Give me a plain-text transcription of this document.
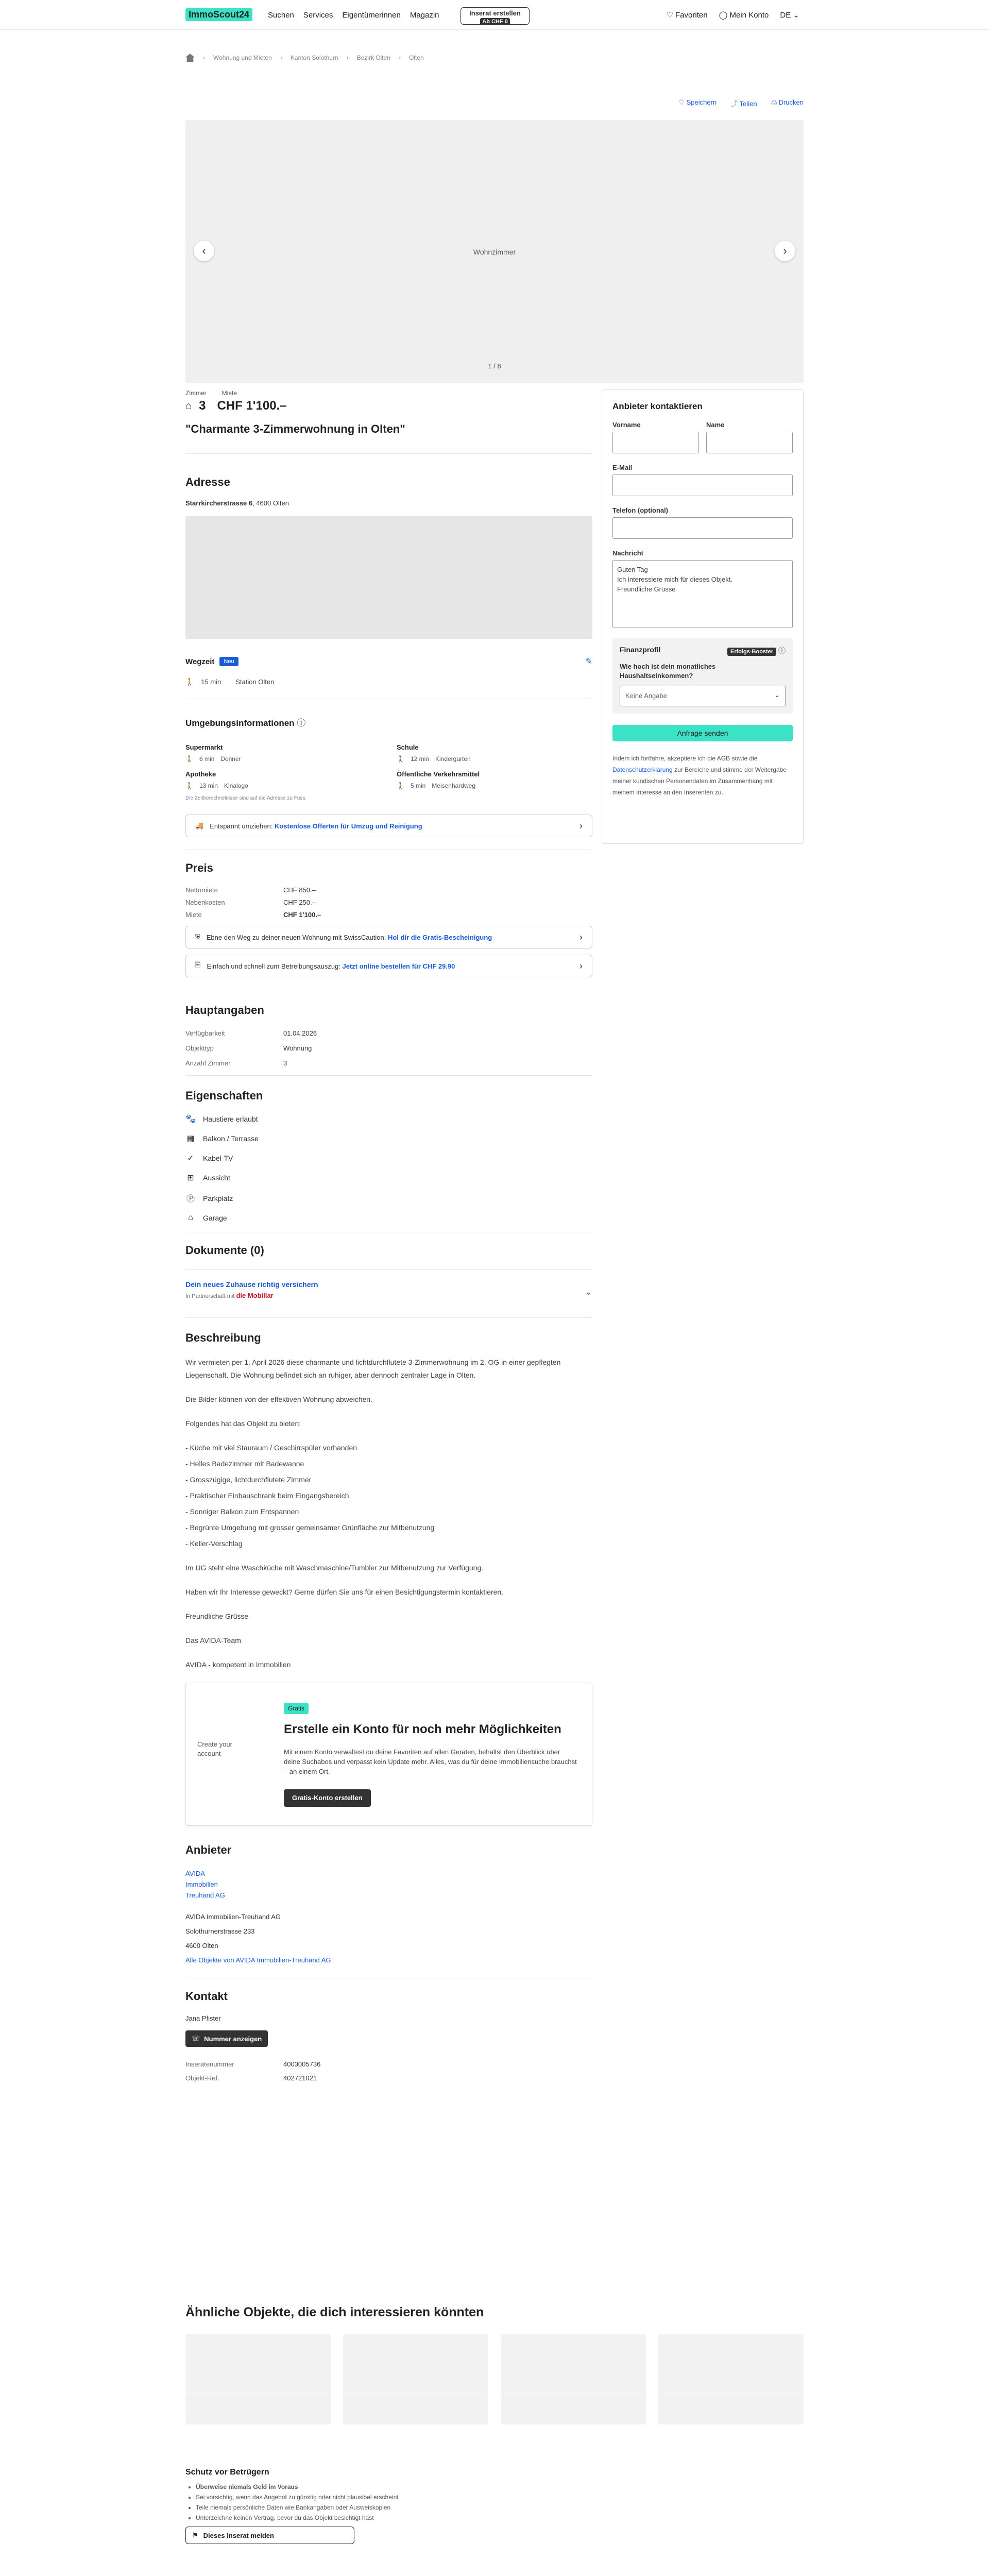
ImmoScout24	Suchen Services Eigentümerinnen Magazin	Inserat erstellen
Ab CHF 0
♡ Favoriten ◯ Mein Konto DE ⌄
› Wohnung und Mieten › Kanton Solothurn › Bezirk Olten › Olten
♡ Speichern ⤴ Teilen ⎙ Drucken
Wohnzimmer
‹	›
1 / 8
Zimmer	Miete
⌂ 3 CHF 1'100.–
"Charmante 3-Zimmerwohnung in Olten"
Adresse
Starrkircherstrasse 6, 4600 Olten
Wegzeit	Neu	✎
🚶 15 min Station Olten
Umgebungsinformationen ⓘ
Supermarkt
🚶 6 min Denner
Schule
🚶 12 min Kindergarten
Apotheke
🚶 13 min Kinalogo
Öffentliche Verkehrsmittel
🚶 5 min Meisenhardweg
Die Zeitberechnelnisse sind auf die Adresse zu Fuss.
🚚 Entspannt umziehen: Kostenlose Offerten für Umzug und Reinigung	›
Preis
Nettomiete	CHF 850.–
Nebenkosten	CHF 250.–
Miete	CHF 1'100.–
⛨ Ebne den Weg zu deiner neuen Wohnung mit SwissCaution: Hol dir die Gratis-Bescheinigung	›
🗎 Einfach und schnell zum Betreibungsauszug: Jetzt online bestellen für CHF 29.90	›
Hauptangaben
Verfügbarkeit	01.04.2026
Objekttyp	Wohnung
Anzahl Zimmer	3
Eigenschaften
🐾 Haustiere erlaubt
▦ Balkon / Terrasse
✓ Kabel-TV
⊞ Aussicht
Ⓟ Parkplatz
⌂	Garage
Dokumente (0)
Dein neues Zuhause richtig versichern
In Partnerschaft mit die Mobiliar	⌄
Beschreibung

Wir vermieten per 1. April 2026 diese charmante und lichtdurchflutete 3-Zimmerwohnung im 2. OG in einer gepflegten Liegenschaft. Die Wohnung befindet sich an ruhiger, aber dennoch zentraler Lage in Olten.

Die Bilder können von der effektiven Wohnung abweichen.

Folgendes hat das Objekt zu bieten:

- Küche mit viel Stauraum / Geschirrspüler vorhanden

- Helles Badezimmer mit Badewanne

- Grosszügige, lichtdurchflutete Zimmer

- Praktischer Einbauschrank beim Eingangsbereich

- Sonniger Balkon zum Entspannen

- Begrünte Umgebung mit grosser gemeinsamer Grünfläche zur Mitbenutzung

- Keller-Verschlag

Im UG steht eine Waschküche mit Waschmaschine/Tumbler zur Mitbenutzung zur Verfügung.

Haben wir Ihr Interesse geweckt? Gerne dürfen Sie uns für einen Besichtigungstermin kontaktieren.

Freundliche Grüsse

Das AVIDA-Team

AVIDA - kompetent in Immobilien

Create your account
Gratis
Erstelle ein Konto für noch mehr Möglichkeiten
Mit einem Konto verwaltest du deine Favoriten auf allen Geräten, behältst den Überblick über deine Suchabos und verpasst kein Update mehr. Alles, was du für deine Immobiliensuche brauchst – an einem Ort.
Gratis-Konto erstellen
Anbieter
AVIDA
Immobilien
Treuhand AG
AVIDA Immobilien-Treuhand AG
Solothurnerstrasse 233
4600 Olten
Alle Objekte von AVIDA Immobilien-Treuhand AG
Kontakt
Jana Pfister
☏ Nummer anzeigen
Inseratenummer	4003005736
Objekt-Ref.	402721021
Anbieter kontaktieren
Vorname	Name
E-Mail
Telefon (optional)
Nachricht
Guten Tag
Ich interessiere mich für dieses Objekt.
Freundliche Grüsse
Finanzprofil	Erfolgs-Booster ⓘ
Wie hoch ist dein monatliches Haushaltseinkommen?
Keine Angabe	⌄
Anfrage senden
Indem ich fortfahre, akzeptiere ich die AGB sowie die Datenschutzerklärung zur Bereiche und stimme der Weitergabe meiner kundischen Personendaten im Zusammenhang mit meinem Interesse an den Inserenten zu.
Ähnliche Objekte, die dich interessieren könnten
Schutz vor Betrügern
• Überweise niemals Geld im Voraus
• Sei vorsichtig, wenn das Angebot zu günstig oder nicht plausibel erscheint
• Teile niemals persönliche Daten wie Bankangaben oder Ausweiskopien
• Unterzeichne keinen Vertrag, bevor du das Objekt besichtigt hast
⚑ Dieses Inserat melden
